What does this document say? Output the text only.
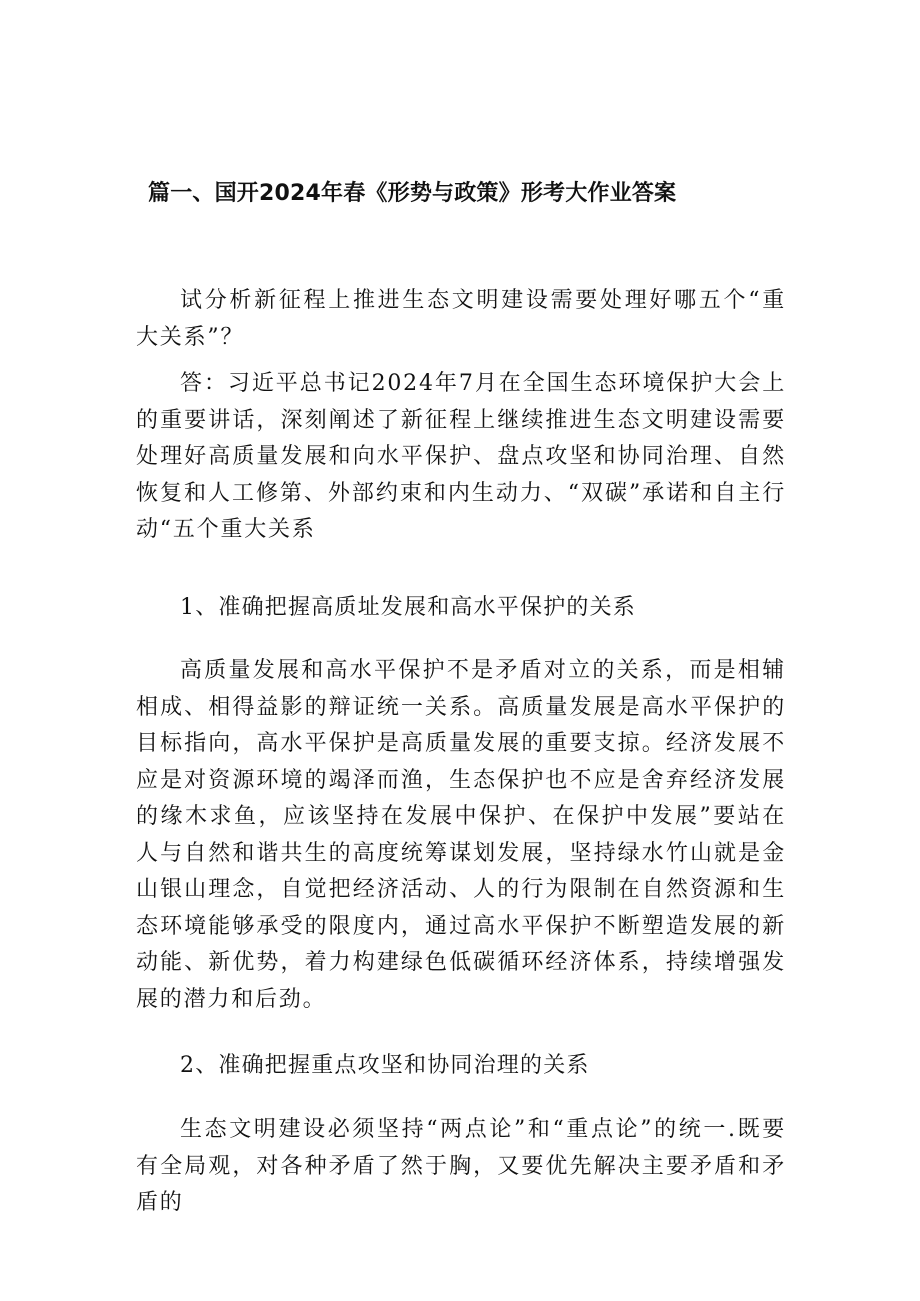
篇一、国开2024年春《形势与政策》形考大作业答案
试分析新征程上推进生态文明建设需要处理好哪五个“重大关系”？
答：习近平总书记2024年7月在全国生态环境保护大会上的重要讲话，深刻阐述了新征程上继续推进生态文明建设需要处理好高质量发展和向水平保护、盘点攻坚和协同治理、自然恢复和人工修第、外部约束和内生动力、“双碳”承诺和自主行动“五个重大关系
1、准确把握高质址发展和高水平保护的关系
高质量发展和高水平保护不是矛盾对立的关系，而是相辅相成、相得益影的辩证统一关系。高质量发展是高水平保护的目标指向，高水平保护是高质量发展的重要支掠。经济发展不应是对资源环境的竭泽而渔，生态保护也不应是舍弃经济发展的缘木求鱼，应该坚持在发展中保护、在保护中发展”要站在人与自然和谐共生的高度统筹谋划发展，坚持绿水竹山就是金山银山理念，自觉把经济活动、人的行为限制在自然资源和生态环境能够承受的限度内，通过高水平保护不断塑造发展的新动能、新优势，着力构建绿色低碳循环经济体系，持续增强发展的潜力和后劲。
2、准确把握重点攻坚和协同治理的关系
生态文明建设必须坚持“两点论”和“重点论”的统一.既要有全局观，对各种矛盾了然于胸，又要优先解决主要矛盾和矛盾的
